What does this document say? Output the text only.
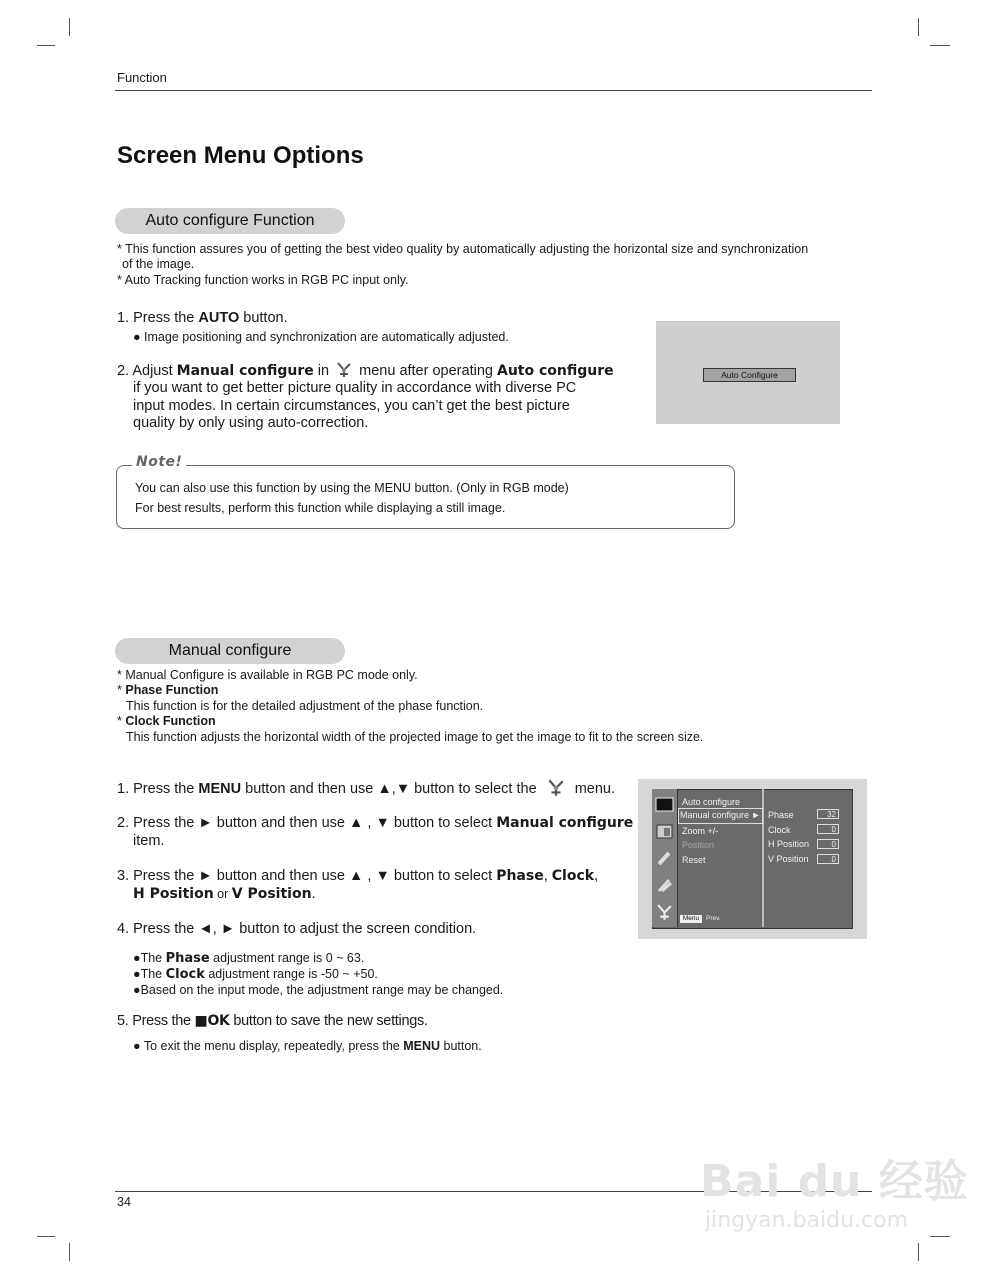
Function
Screen Menu Options
Auto configure Function
* This function assures you of getting the best video quality by automatically adjusting the horizontal size and synchronization
of the image.
* Auto Tracking function works in RGB PC input only.
1. Press the AUTO button.
● Image positioning and synchronization are automatically adjusted.
2. Adjust Manual configure in  menu after operating Auto configure
if you want to get better picture quality in accordance with diverse PC
input modes. In certain circumstances, you can’t get the best picture
quality by only using auto-correction.
Auto Configure
Note!
You can also use this function by using the MENU button. (Only in RGB mode)
For best results, perform this function while displaying a still image.
Manual configure
* Manual Configure is available in RGB PC mode only.
* Phase Function
This function is for the detailed adjustment of the phase function.
* Clock Function
This function adjusts the horizontal width of the projected image to get the image to fit to the screen size.
1. Press the MENU button and then use ▲,▼ button to select the  menu.
2. Press the ► button and then use ▲ , ▼ button to select Manual configure
item.
3. Press the ► button and then use ▲ , ▼ button to select Phase, Clock,
H Position or V Position.
4. Press the ◄, ► button to adjust the screen condition.
●The Phase adjustment range is 0 ~ 63.
●The Clock adjustment range is -50 ~ +50.
●Based on the input mode, the adjustment range may be changed.
5. Press the ■OK button to save the new settings.
● To exit the menu display, repeatedly, press the MENU button.
Auto configure
Manual configure ►
Zoom +/-
Position
Reset
Phase	32
Clock	0
H Position	0
V Position	0
Menu	Prev.
34	Bai du 经验
jingyan.baidu.com
